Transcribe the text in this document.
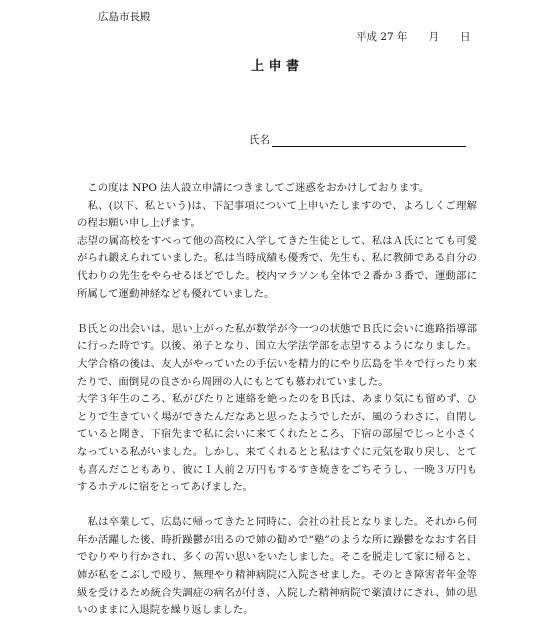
広島市長殿
平成 27 年　　月　　日
上 申 書
氏名

　この度は NPO 法人設立申請につきましてご迷惑をおかけしております。

　私、(以下、私という)は、下記事項について上申いたしますので、よろしくご理解の程お願い申し上げます。

志望の属高校をすべって他の高校に入学してきた生徒として、私はＡ氏にとても可愛がられ鍛えられていました。私は当時成績も優秀で、先生も、私に教師である自分の代わりの先生をやらせるほどでした。校内マラソンも全体で２番か３番で、運動部に所属して運動神経なども優れていました。

Ｂ氏との出会いは、思い上がった私が数学が今一つの状態でＢ氏に会いに進路指導部に行った時です。以後、弟子となり、国立大学法学部を志望するようになりました。大学合格の後は、友人がやっていたの手伝いを精力的にやり広島を半々で行ったり来たりで、面倒見の良さから周囲の人にもとても慕われていました。

大学３年生のころ、私がぴたりと連絡を絶ったのをＢ氏は、あまり気にも留めず、ひとりで生きていく場ができたんだなあと思ったようでしたが、風のうわさに、自閉していると聞き、下宿先まで私に会いに来てくれたところ、下宿の部屋でじっと小さくなっている私がいました。しかし、来てくれるとと私はすぐに元気を取り戻し、とても喜んだこともあり、彼に１人前２万円もするすき焼きをごちそうし、一晩３万円もするホテルに宿をとってあげました。

　私は卒業して、広島に帰ってきたと同時に、会社の社長となりました。それから何年か活躍した後、時折躁鬱が出るので姉の勧めで“塾”のような所に躁鬱をなおす名目でむりやり行かされ、多くの苦い思いをいたしました。そこを脱走して家に帰ると、姉が私をこぶしで殴り、無理やり精神病院に入院させました。そのとき障害者年金等級を受けるため統合失調症の病名が付き、入院した精神病院で薬漬けにされ、姉の思いのままに入退院を繰り返しました。
